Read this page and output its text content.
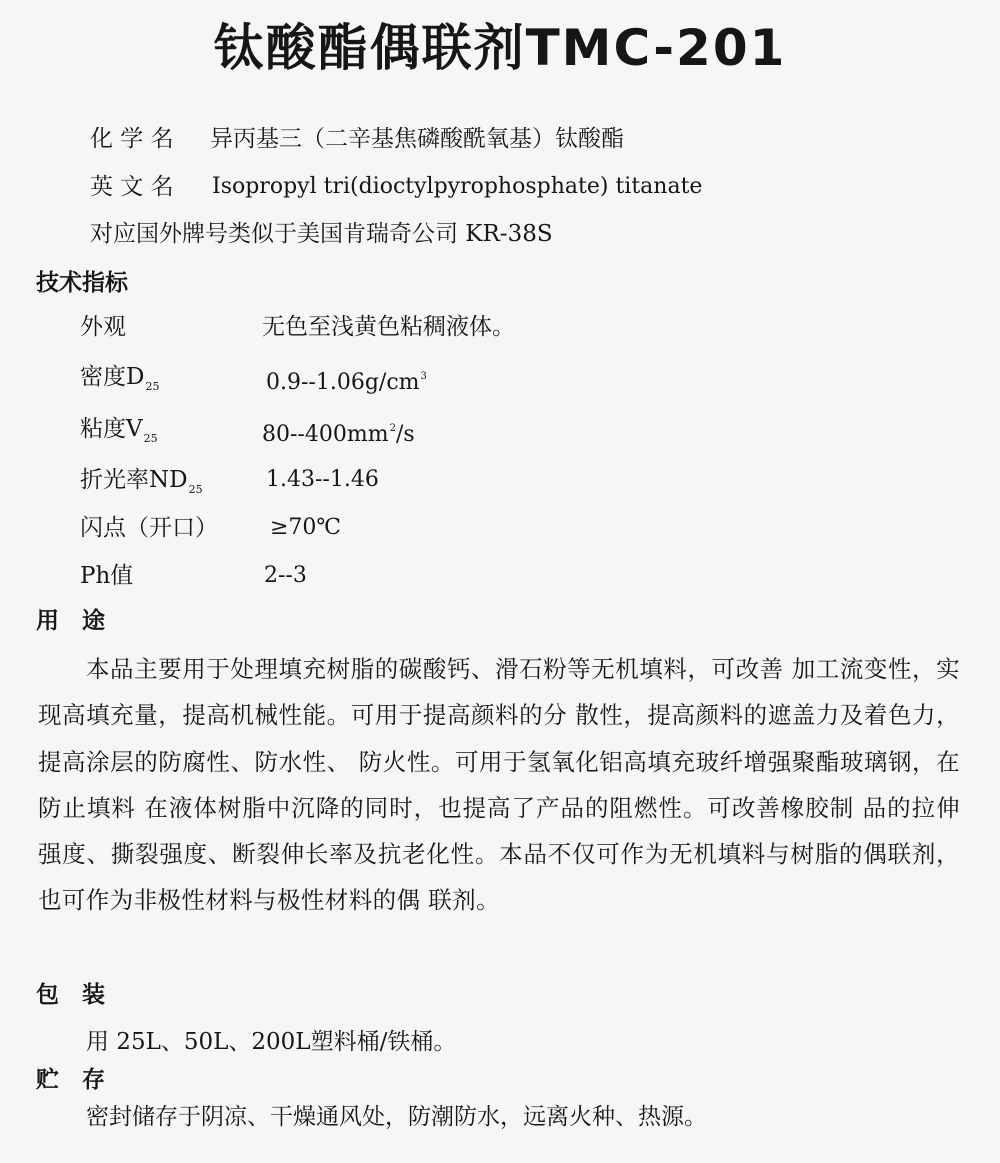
钛酸酯偶联剂TMC-201
化 学 名 异丙基三（二辛基焦磷酸酰氧基）钛酸酯
英 文 名 Isopropyl tri(dioctylpyrophosphate) titanate
对应国外牌号类似于美国肯瑞奇公司 KR-38S
技术指标
外观	无色至浅黄色粘稠液体。
密度$D_{25}$	$0.9--1.06g/cm^3$
粘度$V_{25}$	$80--400mm^2/s$
折光率$ND_{25}$	1.43--1.46
闪点（开口） ≥70℃
Ph值	2--3
用　途
本品主要用于处理填充树脂的碳酸钙、滑石粉等无机填料，可改善 加工流变性，实现高填充量，提高机械性能。可用于提高颜料的分 散性，提高颜料的遮盖力及着色力，提高涂层的防腐性、防水性、 防火性。可用于氢氧化铝高填充玻纤增强聚酯玻璃钢，在防止填料 在液体树脂中沉降的同时，也提高了产品的阻燃性。可改善橡胶制 品的拉伸强度、撕裂强度、断裂伸长率及抗老化性。本品不仅可作为无机填料与树脂的偶联剂，也可作为非极性材料与极性材料的偶 联剂。
包　装
用 25L、50L、200L塑料桶/铁桶。
贮　存
密封储存于阴凉、干燥通风处，防潮防水，远离火种、热源。
